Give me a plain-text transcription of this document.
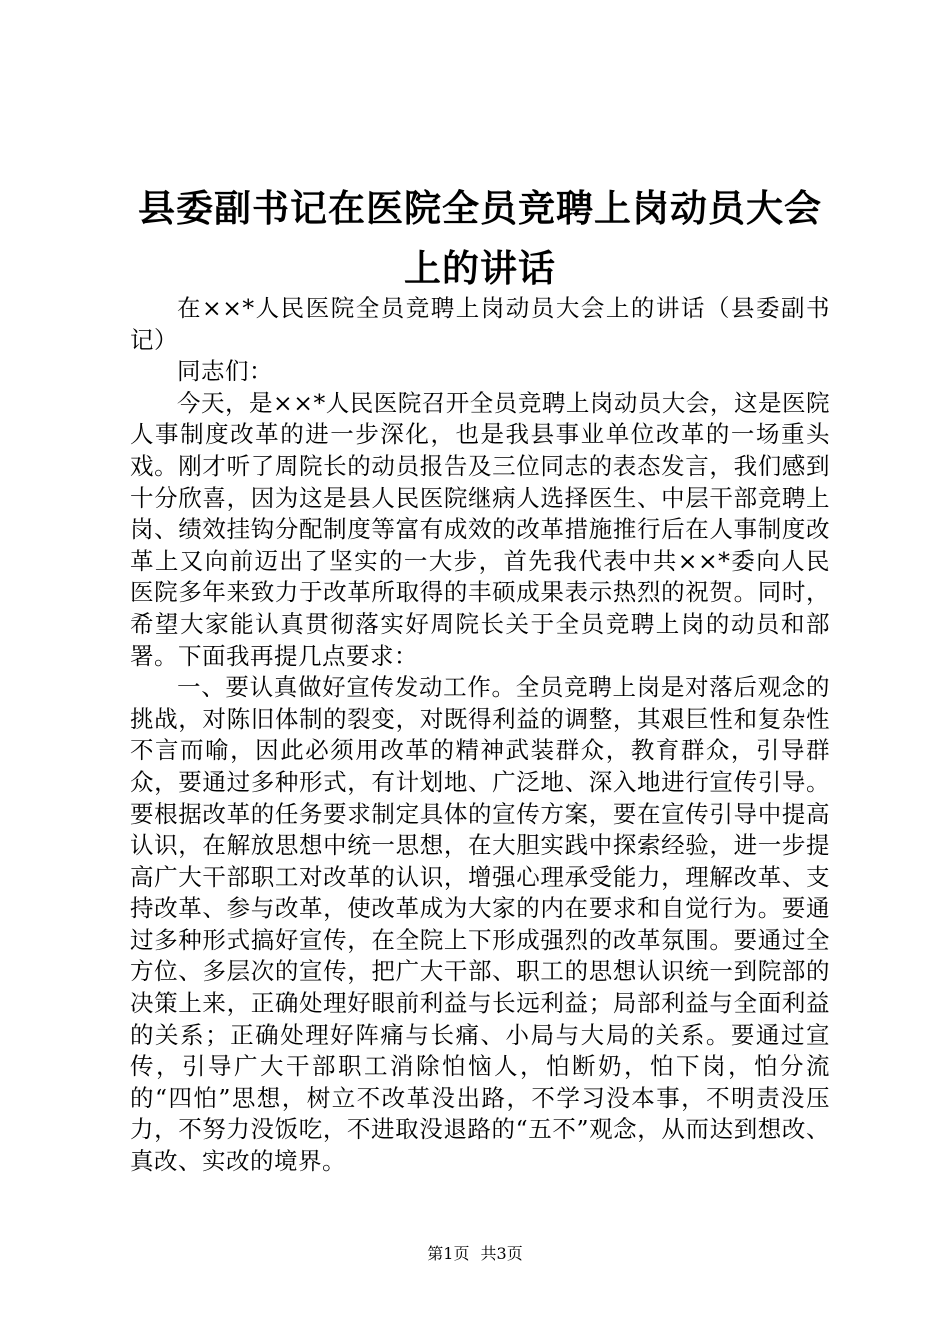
县委副书记在医院全员竞聘上岗动员大会上的讲话

在××*人民医院全员竞聘上岗动员大会上的讲话（县委副书记）

同志们：

今天，是××*人民医院召开全员竞聘上岗动员大会，这是医院人事制度改革的进一步深化，也是我县事业单位改革的一场重头戏。刚才听了周院长的动员报告及三位同志的表态发言，我们感到十分欣喜，因为这是县人民医院继病人选择医生、中层干部竞聘上岗、绩效挂钩分配制度等富有成效的改革措施推行后在人事制度改革上又向前迈出了坚实的一大步，首先我代表中共××*委向人民医院多年来致力于改革所取得的丰硕成果表示热烈的祝贺。同时，希望大家能认真贯彻落实好周院长关于全员竞聘上岗的动员和部署。下面我再提几点要求：

一、要认真做好宣传发动工作。全员竞聘上岗是对落后观念的挑战，对陈旧体制的裂变，对既得利益的调整，其艰巨性和复杂性不言而喻，因此必须用改革的精神武装群众，教育群众，引导群众，要通过多种形式，有计划地、广泛地、深入地进行宣传引导。要根据改革的任务要求制定具体的宣传方案，要在宣传引导中提高认识，在解放思想中统一思想，在大胆实践中探索经验，进一步提高广大干部职工对改革的认识，增强心理承受能力，理解改革、支持改革、参与改革，使改革成为大家的内在要求和自觉行为。要通过多种形式搞好宣传，在全院上下形成强烈的改革氛围。要通过全方位、多层次的宣传，把广大干部、职工的思想认识统一到院部的决策上来，正确处理好眼前利益与长远利益；局部利益与全面利益的关系；正确处理好阵痛与长痛、小局与大局的关系。要通过宣传，引导广大干部职工消除怕恼人，怕断奶，怕下岗，怕分流的“四怕”思想，树立不改革没出路，不学习没本事，不明责没压力，不努力没饭吃，不进取没退路的“五不”观念，从而达到想改、真改、实改的境界。

第1页 共3页
